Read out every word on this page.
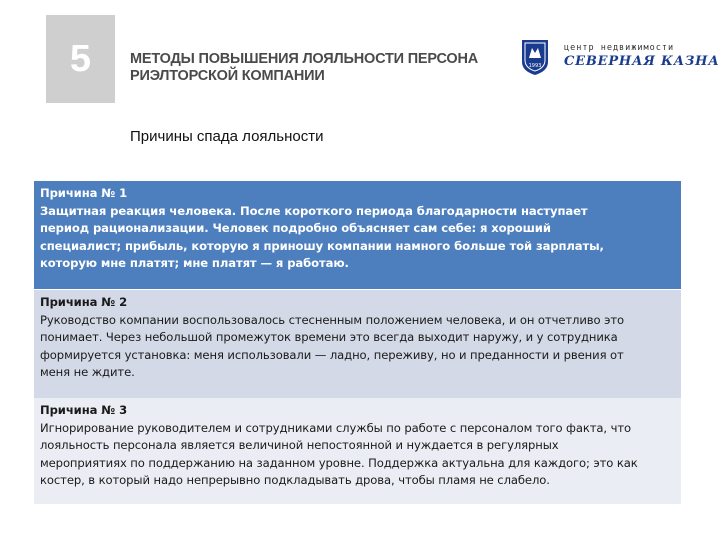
5	МЕТОДЫ ПОВЫШЕНИЯ ЛОЯЛЬНОСТИ ПЕРСОНА
РИЭЛТОРСКОЙ КОМПАНИИ
1993
центр недвижимости
СЕВЕРНАЯ КАЗНА
Причины спада лояльности
Причина № 1
Защитная реакция человека. После короткого периода благодарности наступает
период рационализации. Человек подробно объясняет сам себе: я хороший
специалист; прибыль, которую я приношу компании намного больше той зарплаты,
которую мне платят; мне платят — я работаю.
Причина № 2
Руководство компании воспользовалось стесненным положением человека, и он отчетливо это
понимает. Через небольшой промежуток времени это всегда выходит наружу, и у сотрудника
формируется установка: меня использовали — ладно, переживу, но и преданности и рвения от
меня не ждите.
Причина № 3
Игнорирование руководителем и сотрудниками службы по работе с персоналом того факта, что
лояльность персонала является величиной непостоянной и нуждается в регулярных
мероприятиях по поддержанию на заданном уровне. Поддержка актуальна для каждого; это как
костер, в который надо непрерывно подкладывать дрова, чтобы пламя не слабело.
